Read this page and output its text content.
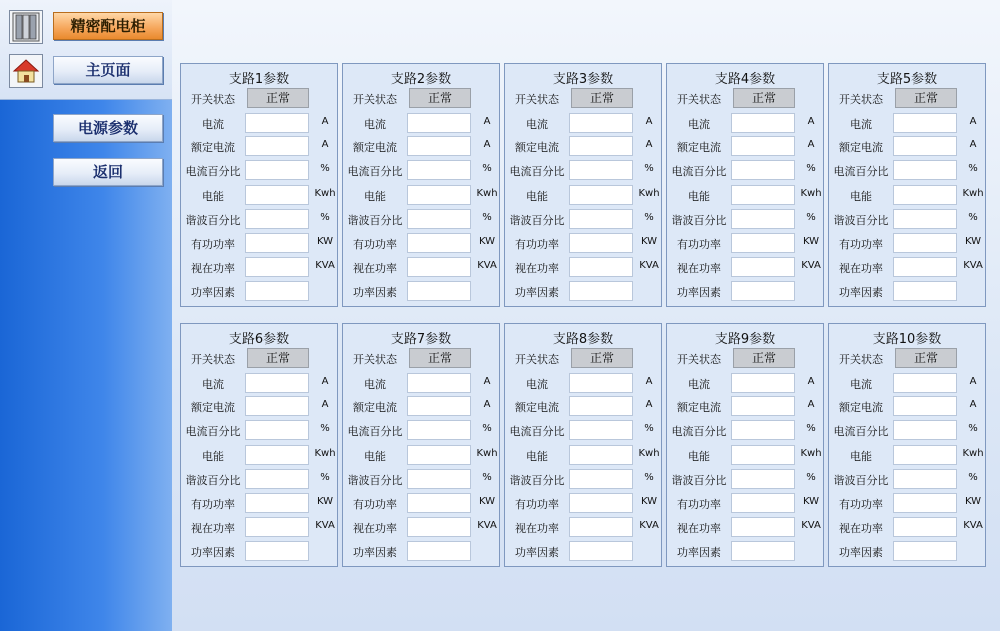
精密配电柜
主页面
电源参数
返回
支路1参数
开关状态	正常
电流	A
额定电流	A
电流百分比	%
电能	Kwh
谐波百分比	%
有功功率	KW
视在功率	KVA
功率因素
支路2参数
开关状态	正常
电流	A
额定电流	A
电流百分比	%
电能	Kwh
谐波百分比	%
有功功率	KW
视在功率	KVA
功率因素
支路3参数
开关状态	正常
电流	A
额定电流	A
电流百分比	%
电能	Kwh
谐波百分比	%
有功功率	KW
视在功率	KVA
功率因素
支路4参数
开关状态	正常
电流	A
额定电流	A
电流百分比	%
电能	Kwh
谐波百分比	%
有功功率	KW
视在功率	KVA
功率因素
支路5参数
开关状态	正常
电流	A
额定电流	A
电流百分比	%
电能	Kwh
谐波百分比	%
有功功率	KW
视在功率	KVA
功率因素
支路6参数
开关状态	正常
电流	A
额定电流	A
电流百分比	%
电能	Kwh
谐波百分比	%
有功功率	KW
视在功率	KVA
功率因素
支路7参数
开关状态	正常
电流	A
额定电流	A
电流百分比	%
电能	Kwh
谐波百分比	%
有功功率	KW
视在功率	KVA
功率因素
支路8参数
开关状态	正常
电流	A
额定电流	A
电流百分比	%
电能	Kwh
谐波百分比	%
有功功率	KW
视在功率	KVA
功率因素
支路9参数
开关状态	正常
电流	A
额定电流	A
电流百分比	%
电能	Kwh
谐波百分比	%
有功功率	KW
视在功率	KVA
功率因素
支路10参数
开关状态	正常
电流	A
额定电流	A
电流百分比	%
电能	Kwh
谐波百分比	%
有功功率	KW
视在功率	KVA
功率因素
